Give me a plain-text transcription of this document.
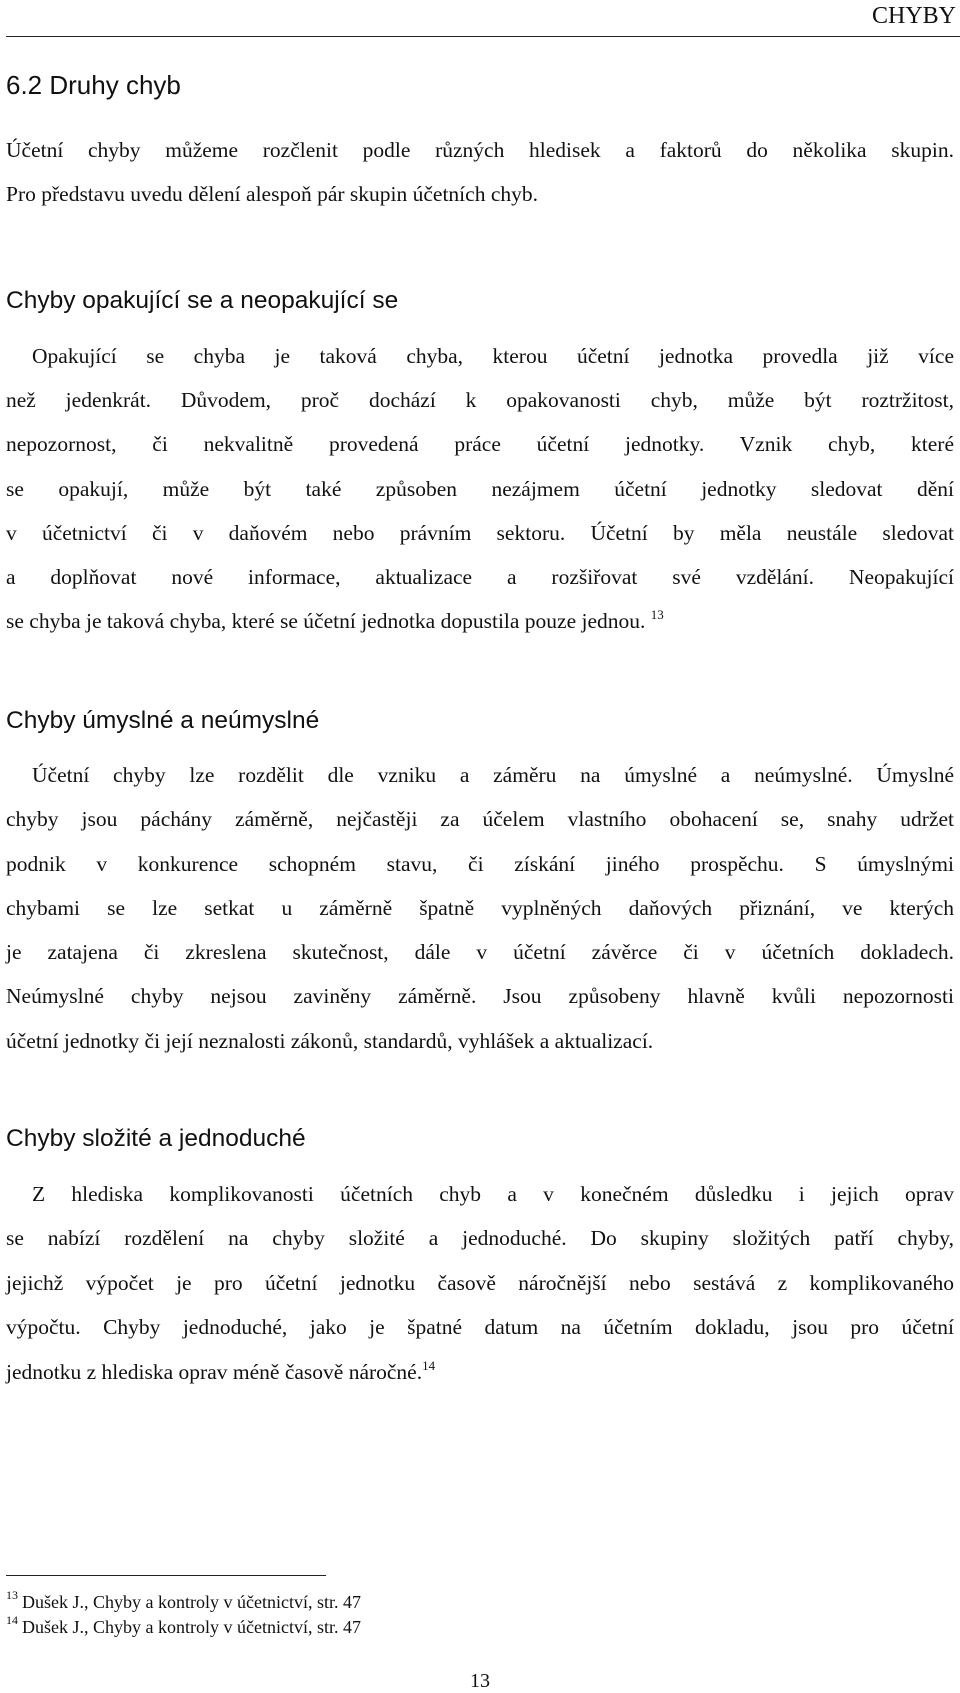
CHYBY
6.2 Druhy chyb
Účetní chyby můžeme rozčlenit podle různých hledisek a faktorů do několika skupin.
Pro představu uvedu dělení alespoň pár skupin účetních chyb.
Chyby opakující se a neopakující se
Opakující se chyba je taková chyba, kterou účetní jednotka provedla již více
než jedenkrát. Důvodem, proč dochází k opakovanosti chyb, může být roztržitost,
nepozornost, či nekvalitně provedená práce účetní jednotky. Vznik chyb, které
se opakují, může být také způsoben nezájmem účetní jednotky sledovat dění
v účetnictví či v daňovém nebo právním sektoru. Účetní by měla neustále sledovat
a doplňovat nové informace, aktualizace a rozšiřovat své vzdělání. Neopakující
se chyba je taková chyba, které se účetní jednotka dopustila pouze jednou. $^{13}$
Chyby úmyslné a neúmyslné
Účetní chyby lze rozdělit dle vzniku a záměru na úmyslné a neúmyslné. Úmyslné
chyby jsou páchány záměrně, nejčastěji za účelem vlastního obohacení se, snahy udržet
podnik v konkurence schopném stavu, či získání jiného prospěchu. S úmyslnými
chybami se lze setkat u záměrně špatně vyplněných daňových přiznání, ve kterých
je zatajena či zkreslena skutečnost, dále v účetní závěrce či v účetních dokladech.
Neúmyslné chyby nejsou zaviněny záměrně. Jsou způsobeny hlavně kvůli nepozornosti
účetní jednotky či její neznalosti zákonů, standardů, vyhlášek a aktualizací.
Chyby složité a jednoduché
Z hlediska komplikovanosti účetních chyb a v konečném důsledku i jejich oprav
se nabízí rozdělení na chyby složité a jednoduché. Do skupiny složitých patří chyby,
jejichž výpočet je pro účetní jednotku časově náročnější nebo sestává z komplikovaného
výpočtu. Chyby jednoduché, jako je špatné datum na účetním dokladu, jsou pro účetní
jednotku z hlediska oprav méně časově náročné.$^{14}$
$^{13}$ Dušek J., Chyby a kontroly v účetnictví, str. 47
$^{14}$ Dušek J., Chyby a kontroly v účetnictví, str. 47
13
